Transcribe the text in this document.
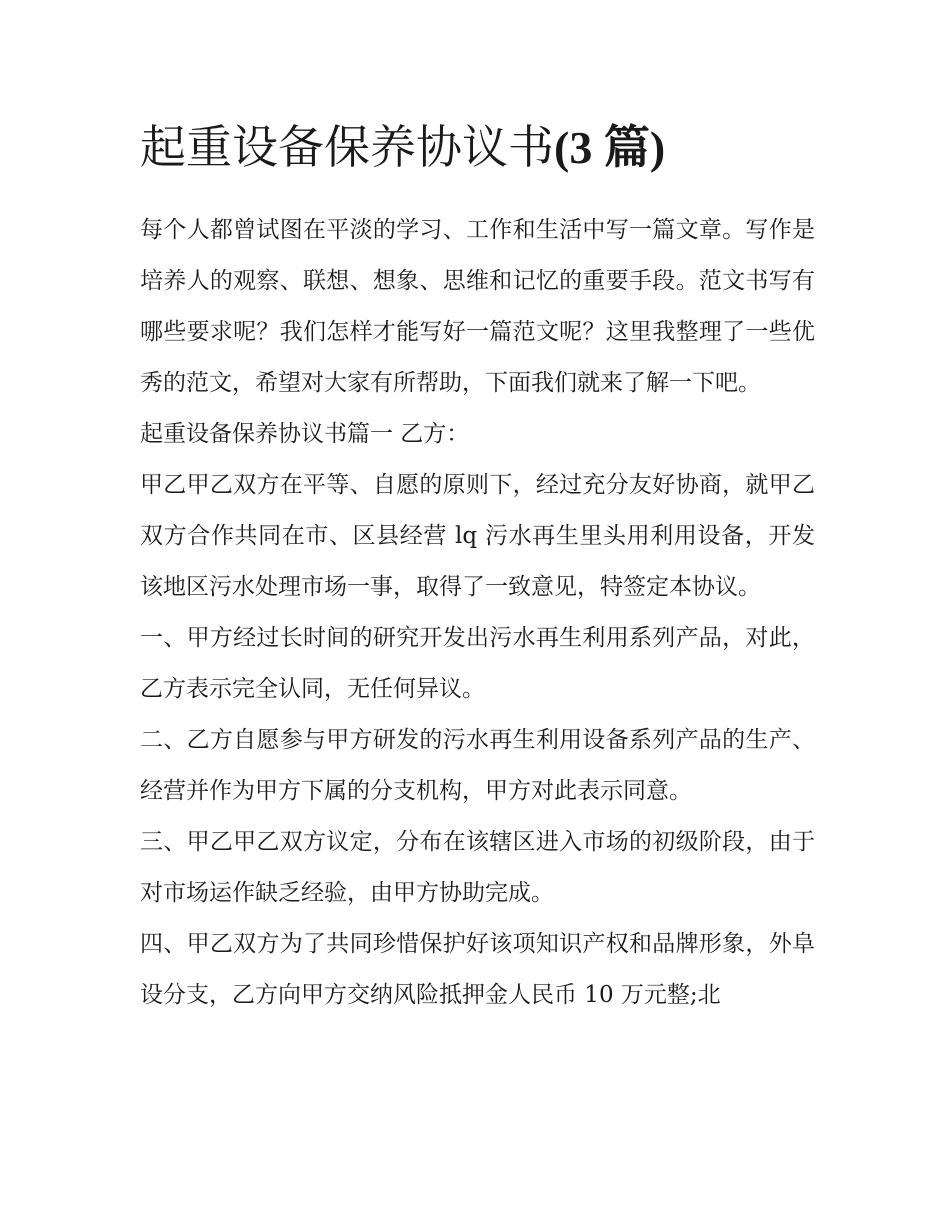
起重设备保养协议书(3 篇)

每个人都曾试图在平淡的学习、工作和生活中写一篇文章。写作是培养人的观察、联想、想象、思维和记忆的重要手段。范文书写有哪些要求呢？我们怎样才能写好一篇范文呢？这里我整理了一些优秀的范文，希望对大家有所帮助，下面我们就来了解一下吧。

起重设备保养协议书篇一 乙方：

甲乙甲乙双方在平等、自愿的原则下，经过充分友好协商，就甲乙双方合作共同在市、区县经营 lq 污水再生里头用利用设备，开发该地区污水处理市场一事，取得了一致意见，特签定本协议。

一、甲方经过长时间的研究开发出污水再生利用系列产品，对此，乙方表示完全认同，无任何异议。

二、乙方自愿参与甲方研发的污水再生利用设备系列产品的生产、经营并作为甲方下属的分支机构，甲方对此表示同意。

三、甲乙甲乙双方议定，分布在该辖区进入市场的初级阶段，由于对市场运作缺乏经验，由甲方协助完成。

四、甲乙双方为了共同珍惜保护好该项知识产权和品牌形象，外阜设分支，乙方向甲方交纳风险抵押金人民币 10 万元整;北
